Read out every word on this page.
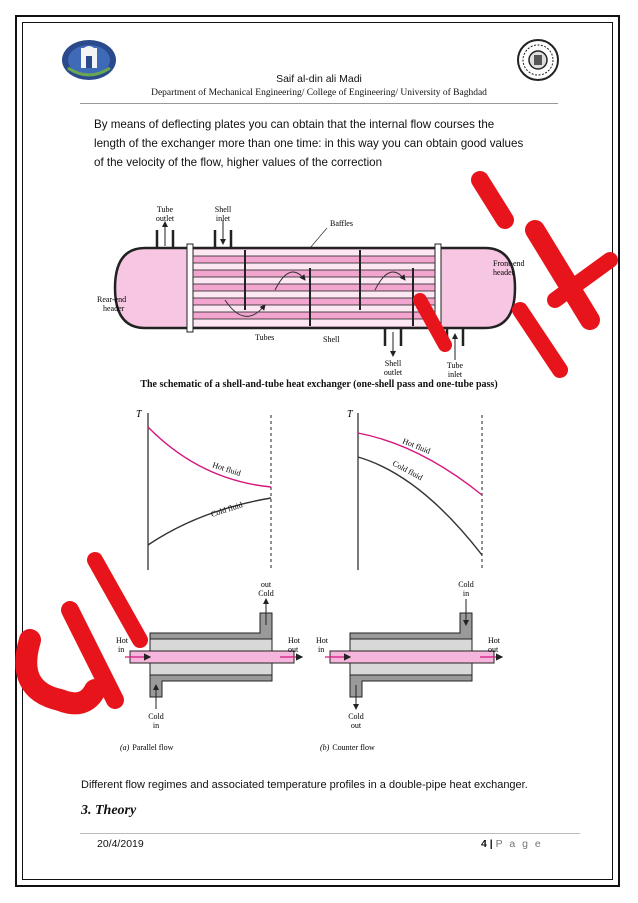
Saif al-din ali Madi
Department of Mechanical Engineering/ College of Engineering/ University of Baghdad
By means of deflecting plates you can obtain that the internal flow courses the
length of the exchanger more than one time: in this way you can obtain good values
of the velocity of the flow, higher values of the correction
Tube outlet
Shell inlet
Baffles
Front-end header
Rear-end header
Tubes	Shell
Shell outlet
Tube inlet
The schematic of a shell-and-tube heat exchanger (one-shell pass and one-tube pass)
T
Hot fluid
Cold fluid
T
Hot fluid
Cold fluid
Cold
out
Hot in
Hot out
Cold in
(a) Parallel flow
Cold in
Hot in
Hot out
Cold out
(b) Counter flow
Different flow regimes and associated temperature profiles in a double-pipe heat exchanger.
3. Theory
20/4/2019	4 | P a g e
